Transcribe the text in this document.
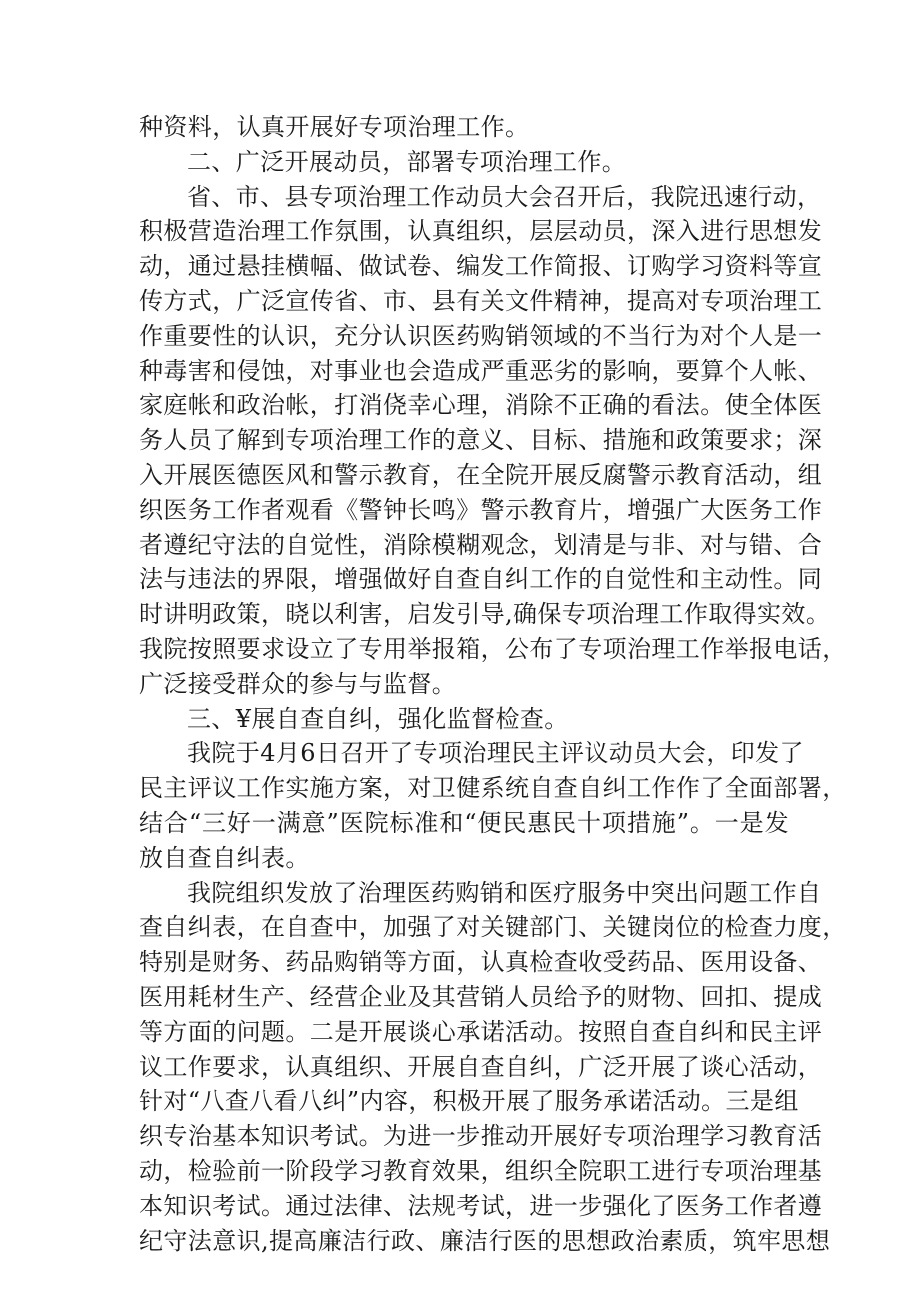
种资料，认真开展好专项治理工作。
二、广泛开展动员，部署专项治理工作。
省、市、县专项治理工作动员大会召开后，我院迅速行动，
积极营造治理工作氛围，认真组织，层层动员，深入进行思想发
动，通过悬挂横幅、做试卷、编发工作简报、订购学习资料等宣
传方式，广泛宣传省、市、县有关文件精神，提高对专项治理工
作重要性的认识，充分认识医药购销领域的不当行为对个人是一
种毒害和侵蚀，对事业也会造成严重恶劣的影响，要算个人帐、
家庭帐和政治帐，打消侥幸心理，消除不正确的看法。使全体医
务人员了解到专项治理工作的意义、目标、措施和政策要求；深
入开展医德医风和警示教育，在全院开展反腐警示教育活动，组
织医务工作者观看《警钟长鸣》警示教育片，增强广大医务工作
者遵纪守法的自觉性，消除模糊观念，划清是与非、对与错、合
法与违法的界限，增强做好自查自纠工作的自觉性和主动性。同
时讲明政策，晓以利害，启发引导,确保专项治理工作取得实效。
我院按照要求设立了专用举报箱，公布了专项治理工作举报电话，
广泛接受群众的参与与监督。
三、¥展自查自纠，强化监督检查。
我院于4月6日召开了专项治理民主评议动员大会，印发了
民主评议工作实施方案，对卫健系统自查自纠工作作了全面部署，
结合“三好一满意”医院标准和“便民惠民十项措施”。一是发
放自查自纠表。
我院组织发放了治理医药购销和医疗服务中突出问题工作自
查自纠表，在自查中，加强了对关键部门、关键岗位的检查力度，
特别是财务、药品购销等方面，认真检查收受药品、医用设备、
医用耗材生产、经营企业及其营销人员给予的财物、回扣、提成
等方面的问题。二是开展谈心承诺活动。按照自查自纠和民主评
议工作要求，认真组织、开展自查自纠，广泛开展了谈心活动，
针对“八查八看八纠”内容，积极开展了服务承诺活动。三是组
织专治基本知识考试。为进一步推动开展好专项治理学习教育活
动，检验前一阶段学习教育效果，组织全院职工进行专项治理基
本知识考试。通过法律、法规考试，进一步强化了医务工作者遵
纪守法意识,提高廉洁行政、廉洁行医的思想政治素质，筑牢思想
